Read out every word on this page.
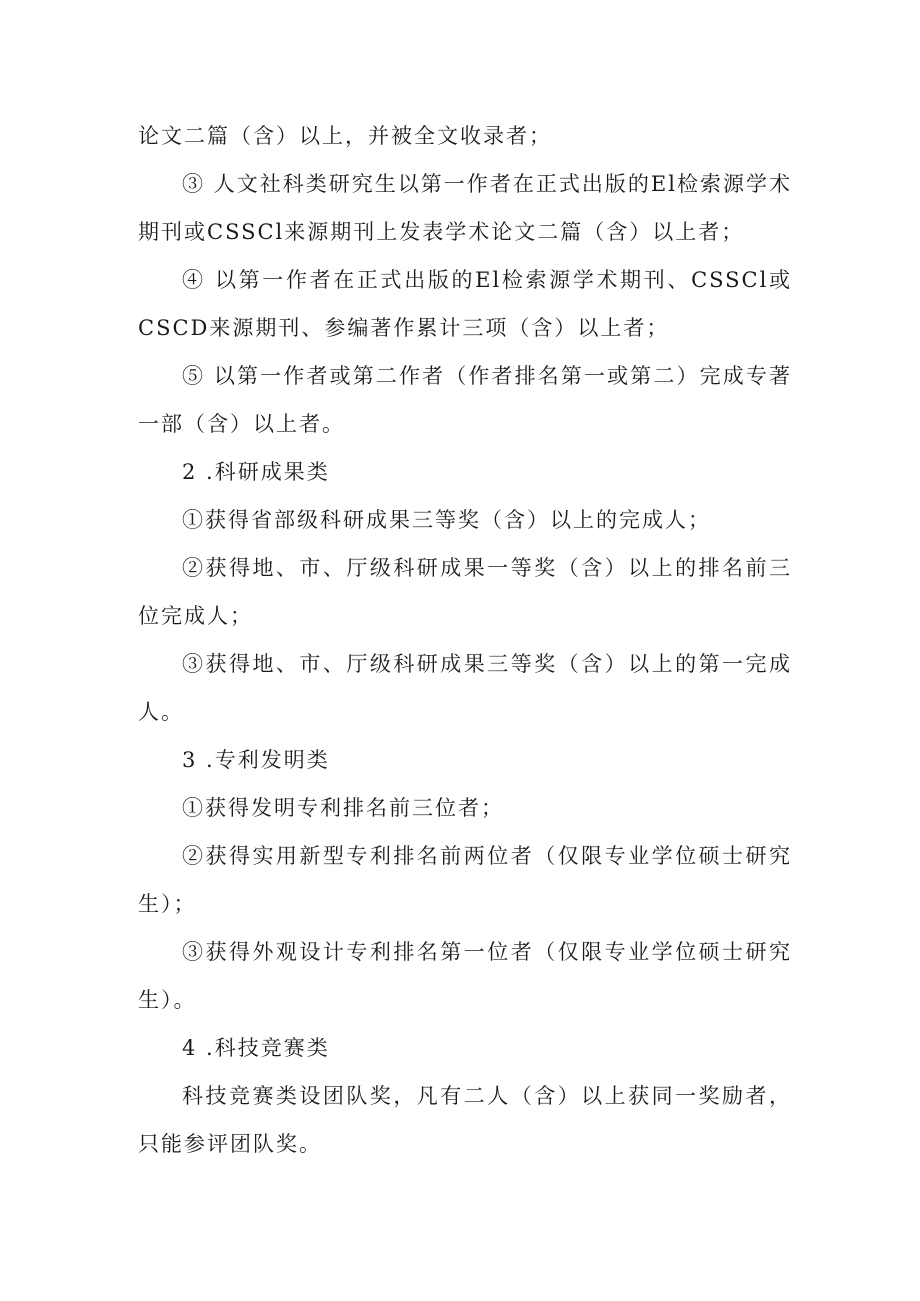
论文二篇（含）以上，并被全文收录者；

③ 人文社科类研究生以第一作者在正式出版的El检索源学术期刊或CSSCl来源期刊上发表学术论文二篇（含）以上者；

④ 以第一作者在正式出版的El检索源学术期刊、CSSCl或CSCD来源期刊、参编著作累计三项（含）以上者；

⑤ 以第一作者或第二作者（作者排名第一或第二）完成专著一部（含）以上者。

2 .科研成果类

①获得省部级科研成果三等奖（含）以上的完成人；

②获得地、市、厅级科研成果一等奖（含）以上的排名前三位完成人；

③获得地、市、厅级科研成果三等奖（含）以上的第一完成人。

3 .专利发明类

①获得发明专利排名前三位者；

②获得实用新型专利排名前两位者（仅限专业学位硕士研究生）；

③获得外观设计专利排名第一位者（仅限专业学位硕士研究生）。

4 .科技竞赛类

科技竞赛类设团队奖，凡有二人（含）以上获同一奖励者，只能参评团队奖。
